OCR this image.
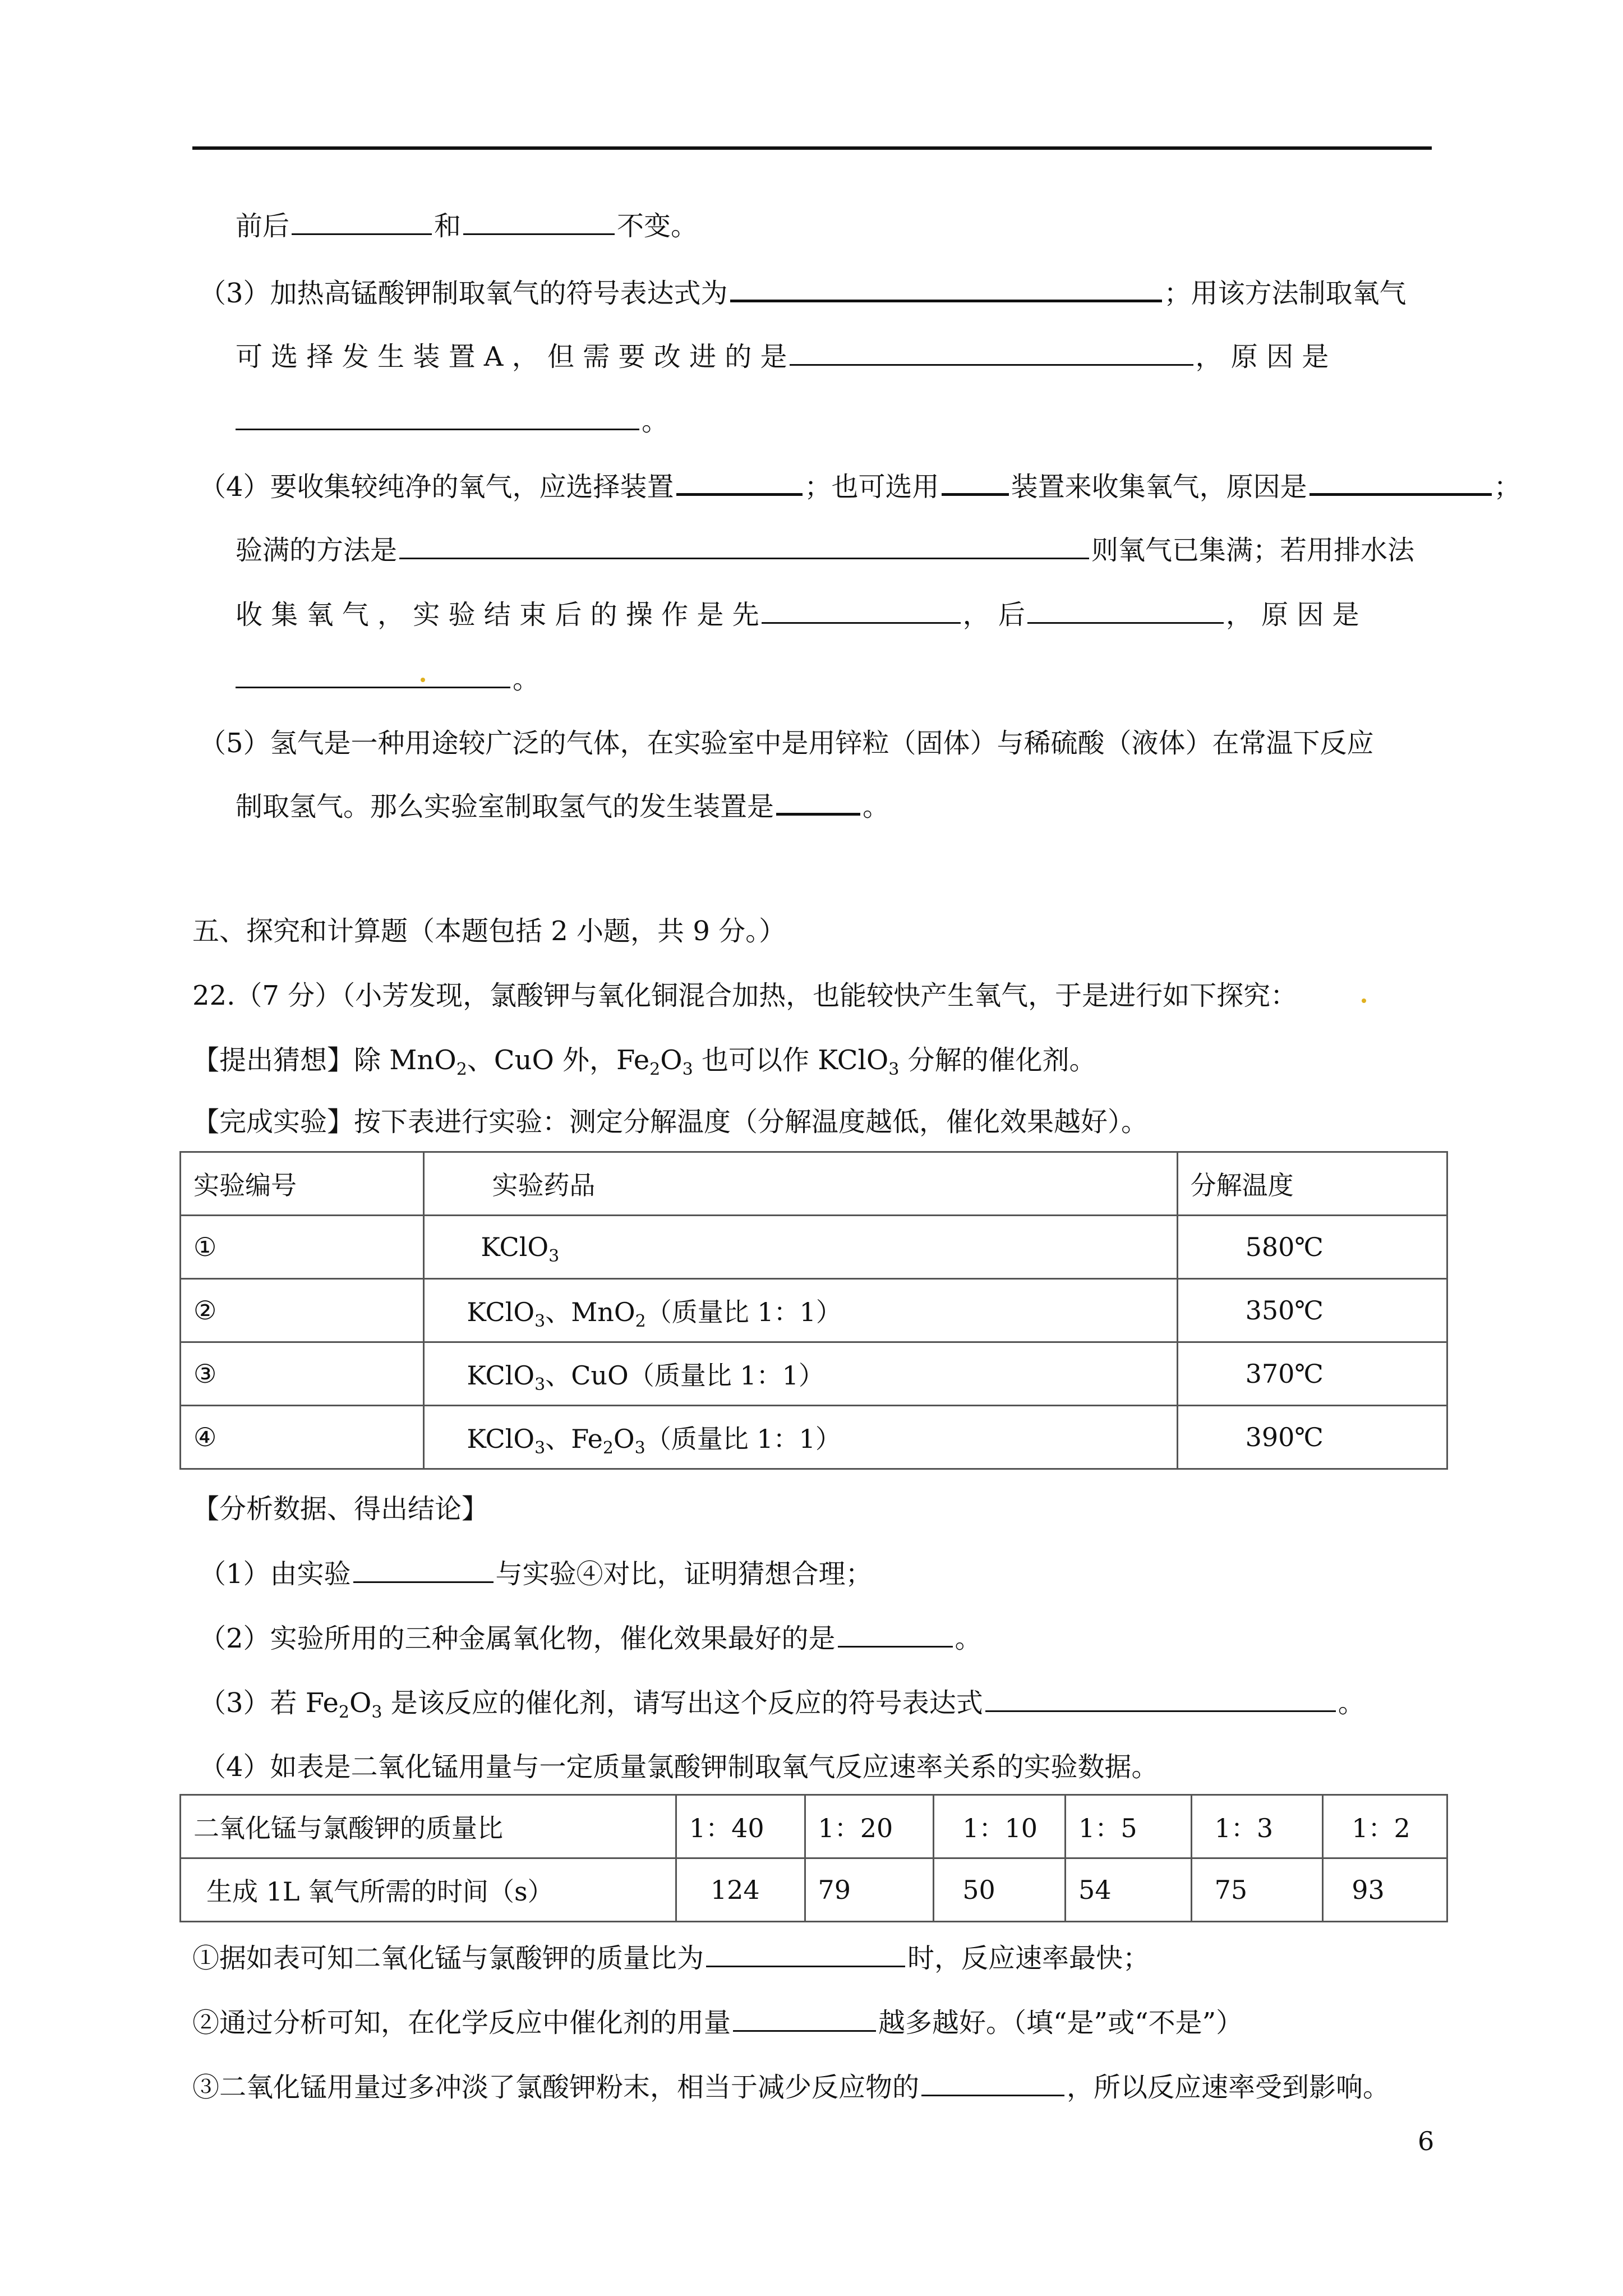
前后	和	不变。
（3）加热高锰酸钾制取氧气的符号表达式为	；用该方法制取氧气
可 选 择 发 生 装 置 A ， 但 需 要 改 进 的 是	， 原 因 是
。
（4）要收集较纯净的氧气，应选择装置	；也可选用	装置来收集氧气，原因是	；
验满的方法是	则氧气已集满；若用排水法
收 集 氧 气 ， 实 验 结 束 后 的 操 作 是 先	， 后	， 原 因 是
。
（5）氢气是一种用途较广泛的气体，在实验室中是用锌粒（固体）与稀硫酸（液体）在常温下反应
制取氢气。那么实验室制取氢气的发生装置是	。
五、探究和计算题（本题包括 2 小题，共 9 分。）
22.（7 分）（小芳发现，氯酸钾与氧化铜混合加热，也能较快产生氧气，于是进行如下探究：
【提出猜想】除 MnO$_2$、CuO 外，$Fe_2O_3$ 也可以作 KClO$_3$ 分解的催化剂。
【完成实验】按下表进行实验：测定分解温度（分解温度越低，催化效果越好）。
实验编号	实验药品	分解温度
①	KClO$_3$	580℃
②	KClO$_3$、MnO$_2$（质量比 1：1）	350℃
③	KClO$_3$、CuO（质量比 1：1）	370℃
④	KClO$_3$、$Fe_2O_3$（质量比 1：1）	390℃
【分析数据、得出结论】
（1）由实验	与实验④对比，证明猜想合理；
（2）实验所用的三种金属氧化物，催化效果最好的是	。
（3）若 $Fe_2O_3$ 是该反应的催化剂，请写出这个反应的符号表达式	。
（4）如表是二氧化锰用量与一定质量氯酸钾制取氧气反应速率关系的实验数据。
二氧化锰与氯酸钾的质量比	1：40	1：20	1：10	1：5	1：3	1：2
生成 1L 氧气所需的时间（s）	124	79	50	54	75	93
①据如表可知二氧化锰与氯酸钾的质量比为	时，反应速率最快；
②通过分析可知，在化学反应中催化剂的用量	越多越好。（填“是”或“不是”）
③二氧化锰用量过多冲淡了氯酸钾粉末，相当于减少反应物的	，所以反应速率受到影响。
6
